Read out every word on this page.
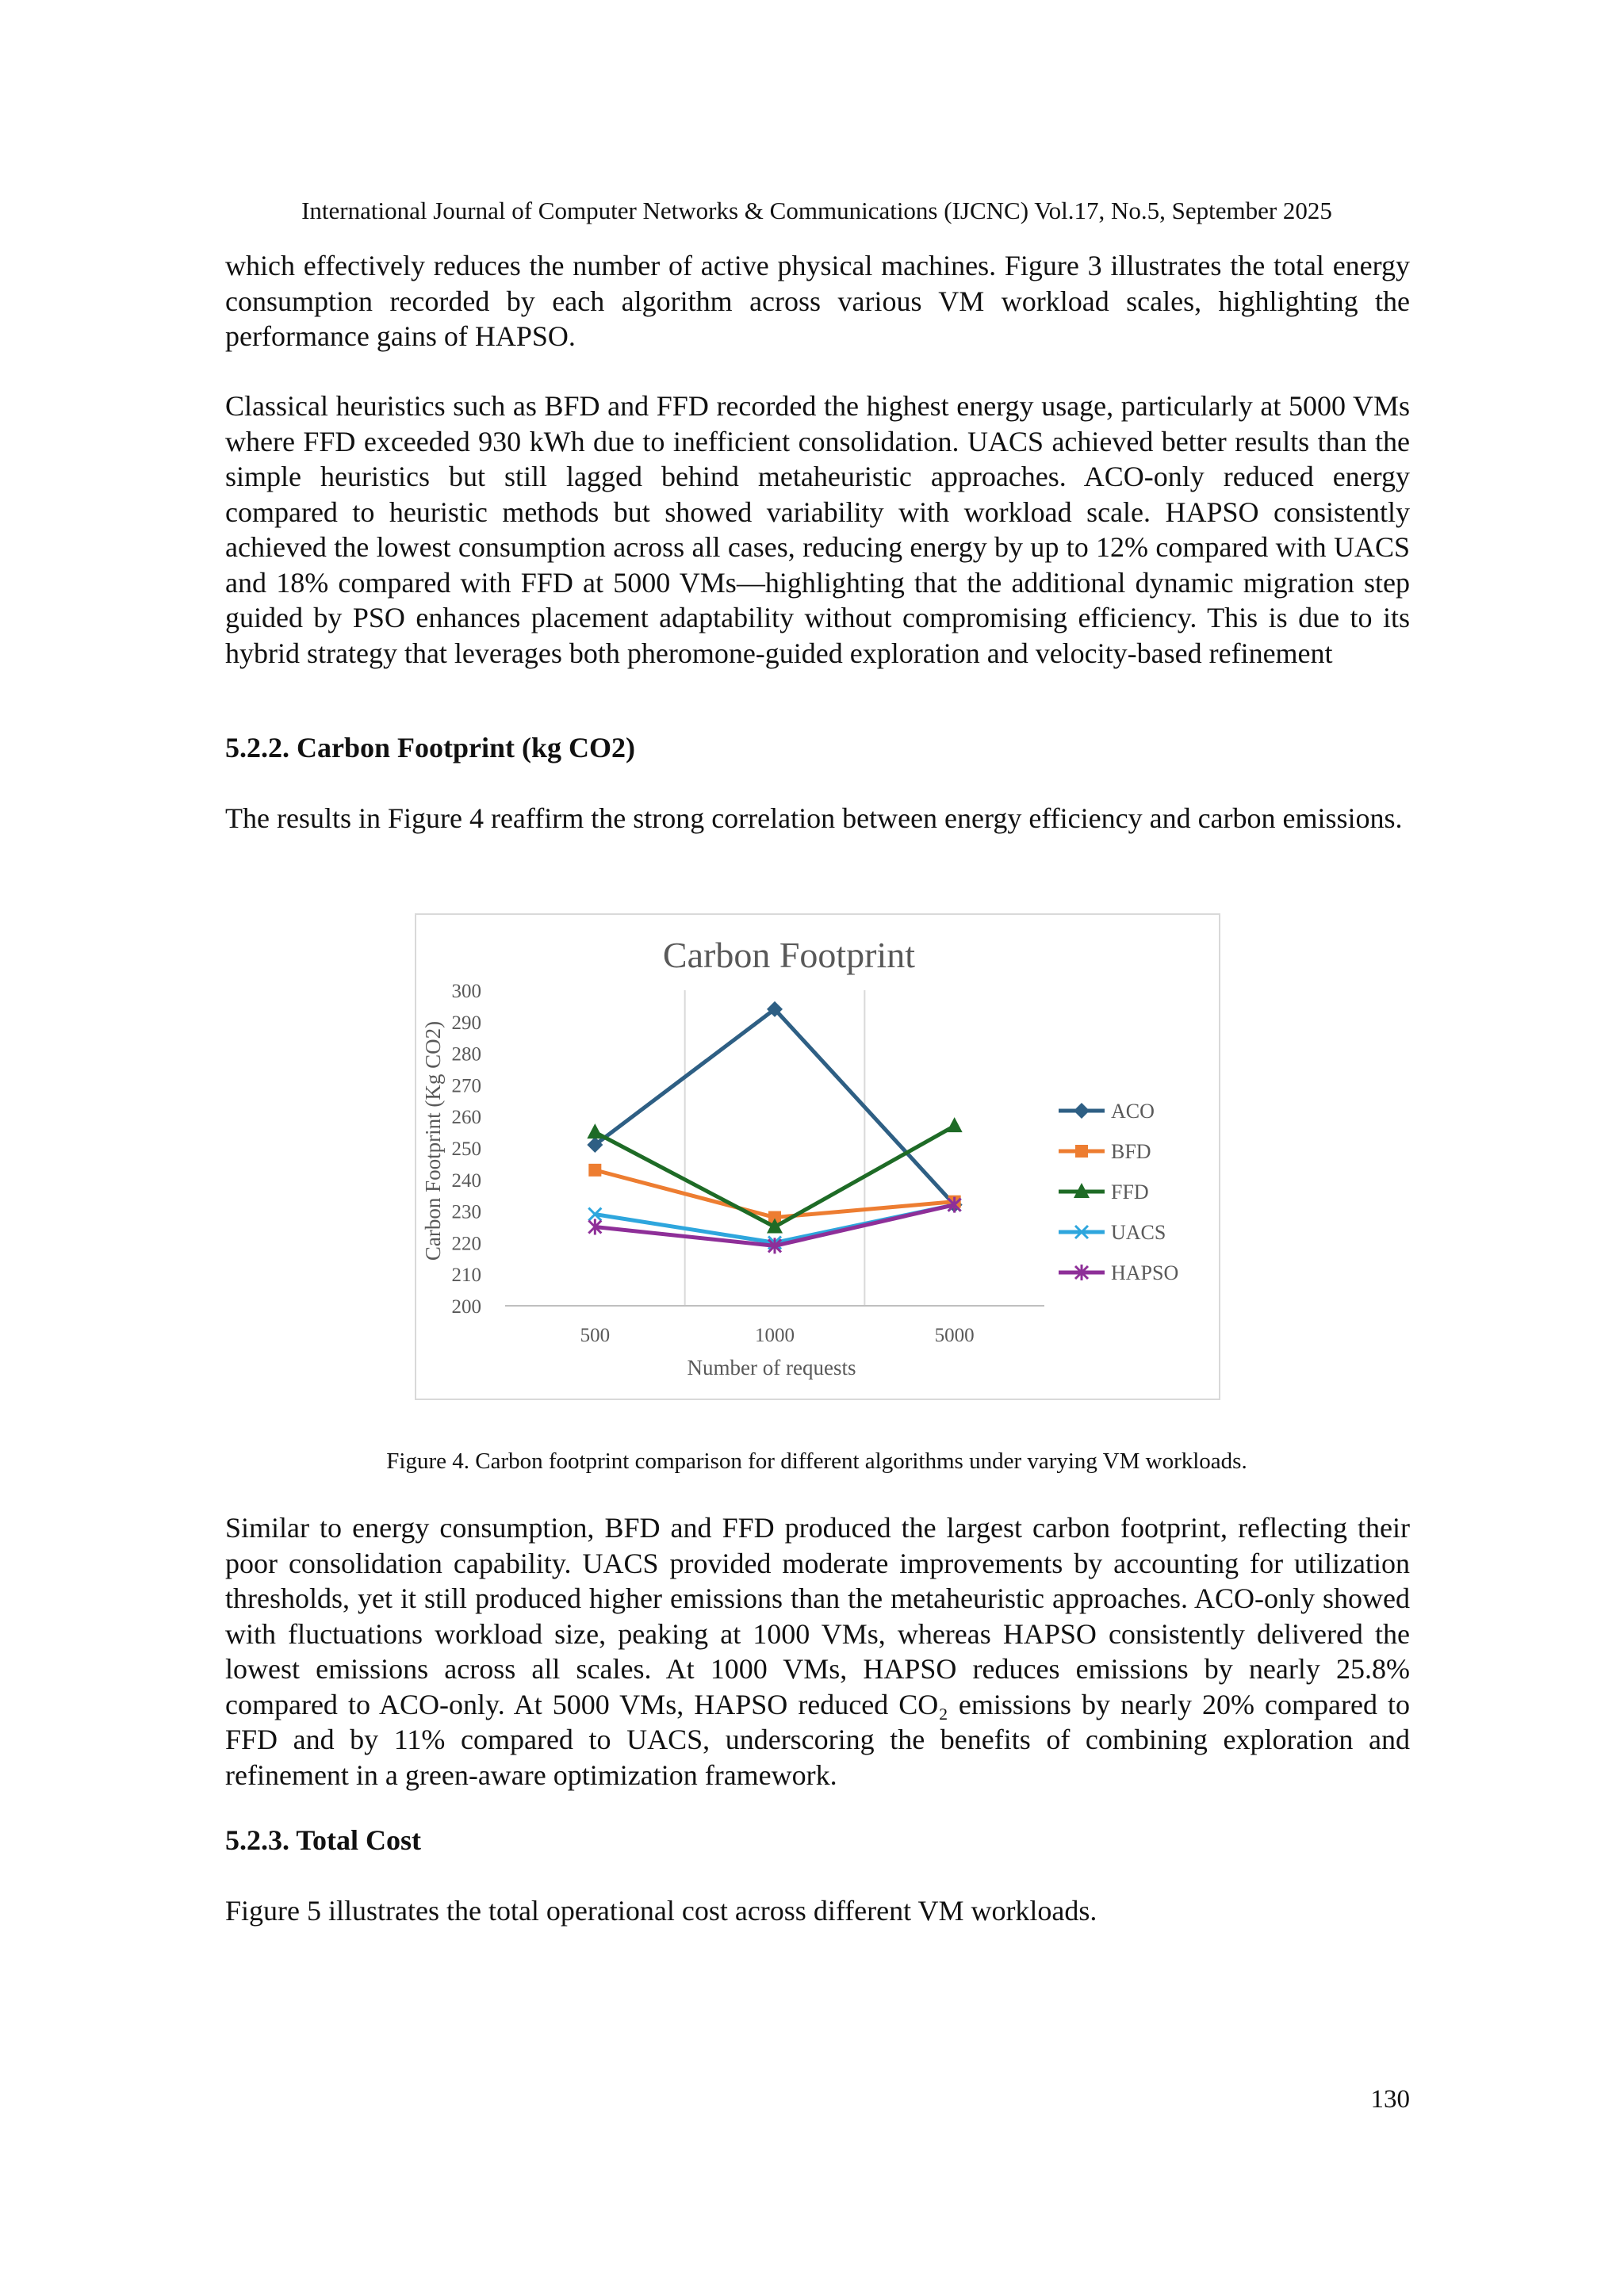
International Journal of Computer Networks & Communications (IJCNC) Vol.17, No.5, September 2025

which effectively reduces the number of active physical machines. Figure 3 illustrates the total energy consumption recorded by each algorithm across various VM workload scales, highlighting the performance gains of HAPSO.

Classical heuristics such as BFD and FFD recorded the highest energy usage, particularly at 5000 VMs where FFD exceeded 930 kWh due to inefficient consolidation. UACS achieved better results than the simple heuristics but still lagged behind metaheuristic approaches. ACO-only reduced energy compared to heuristic methods but showed variability with workload scale. HAPSO consistently achieved the lowest consumption across all cases, reducing energy by up to 12% compared with UACS and 18% compared with FFD at 5000 VMs—highlighting that the additional dynamic migration step guided by PSO enhances placement adaptability without compromising efficiency. This is due to its hybrid strategy that leverages both pheromone-guided exploration and velocity-based refinement

5.2.2. Carbon Footprint (kg CO2)

The results in Figure 4 reaffirm the strong correlation between energy efficiency and carbon emissions.

Carbon Footprint
Carbon Footprint (Kg CO2)
Number of requests
200
210
220
230
240
250
260
270
280
290
300
500	1000	5000
ACO
BFD
FFD
UACS
HAPSO
Figure 4. Carbon footprint comparison for different algorithms under varying VM workloads.

Similar to energy consumption, BFD and FFD produced the largest carbon footprint, reflecting their poor consolidation capability. UACS provided moderate improvements by accounting for utilization thresholds, yet it still produced higher emissions than the metaheuristic approaches. ACO-only showed with fluctuations workload size, peaking at 1000 VMs, whereas HAPSO consistently delivered the lowest emissions across all scales. At 1000 VMs, HAPSO reduces emissions by nearly 25.8% compared to ACO-only. At 5000 VMs, HAPSO reduced CO₂ emissions by nearly 20% compared to FFD and by 11% compared to UACS, underscoring the benefits of combining exploration and refinement in a green-aware optimization framework.

5.2.3. Total Cost

Figure 5 illustrates the total operational cost across different VM workloads.

130
